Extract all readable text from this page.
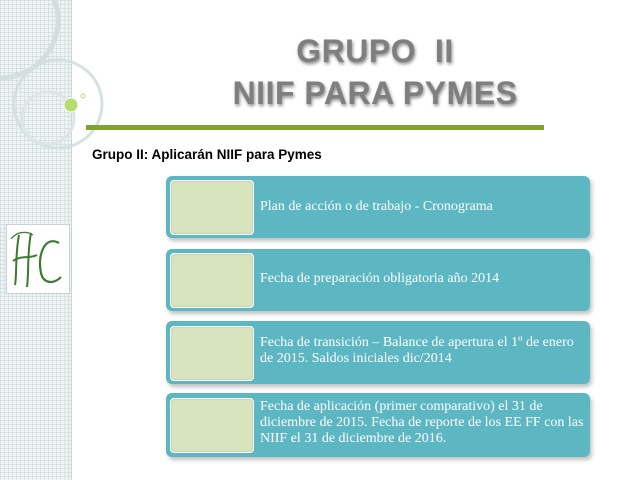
GRUPO  II
NIIF PARA PYMES
Grupo II: Aplicarán NIIF para Pymes
Plan de acción o de trabajo - Cronograma
Fecha de preparación obligatoria año 2014
Fecha de transición – Balance de apertura el 1º de enero de 2015. Saldos iniciales dic/2014
Fecha de aplicación (primer comparativo) el 31 de diciembre de 2015. Fecha de reporte de los EE FF con las NIIF el 31 de diciembre de 2016.
